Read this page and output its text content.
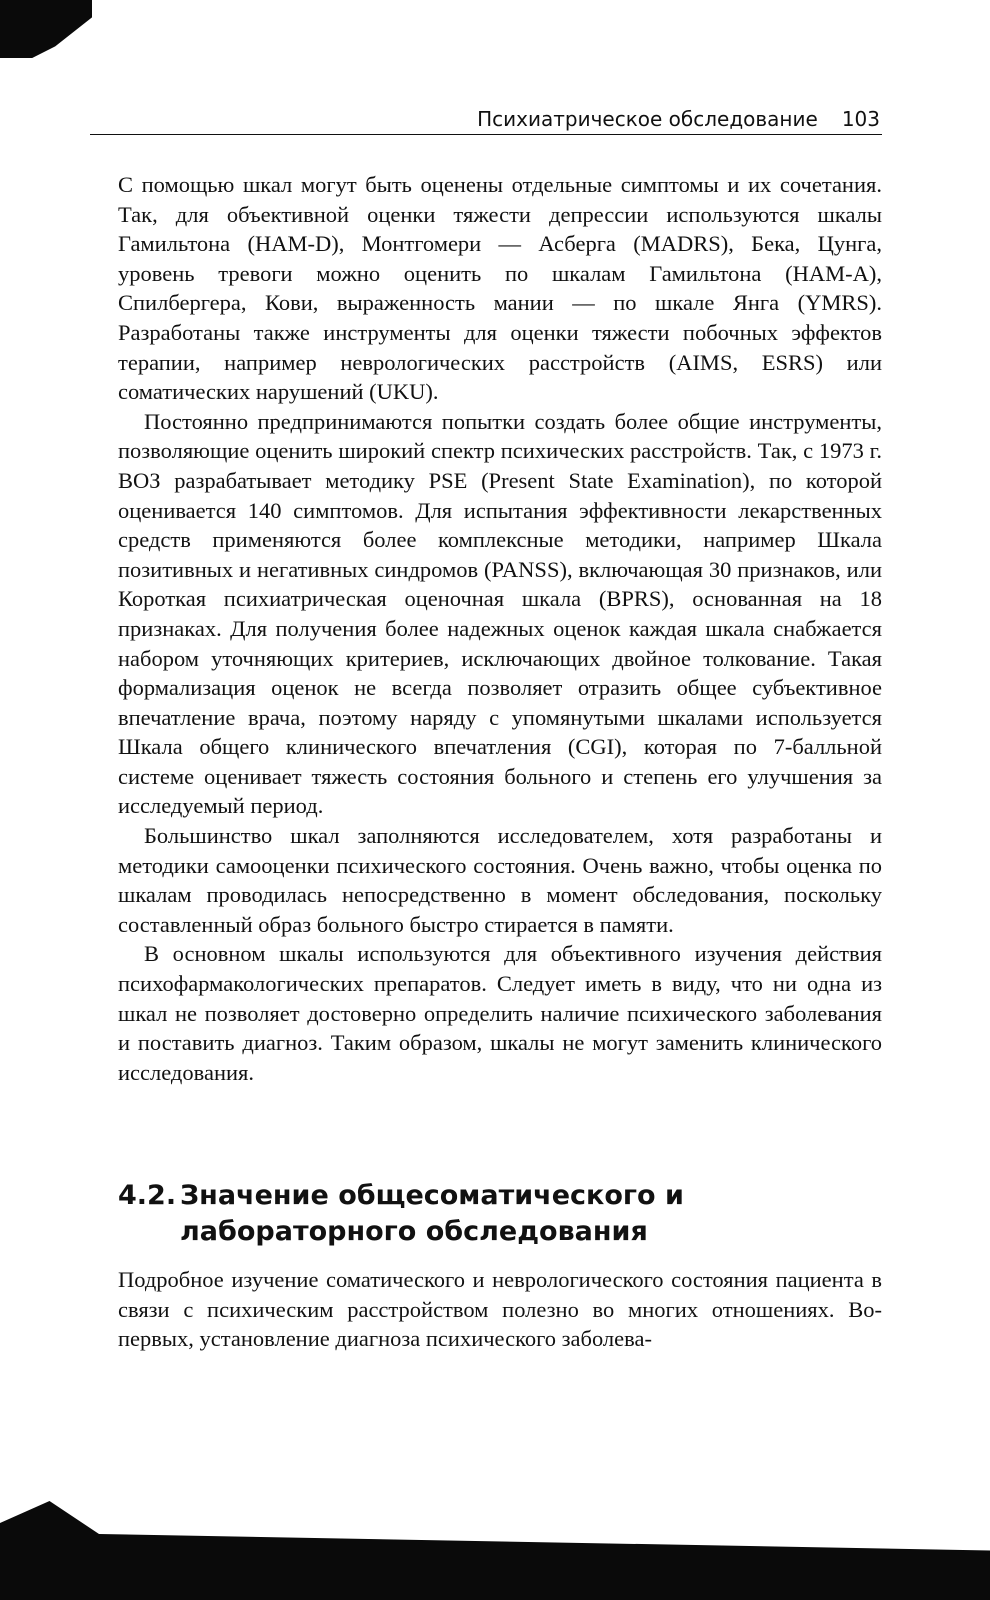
Психиатрическое обследование 103

С помощью шкал могут быть оценены отдельные симптомы и их сочетания. Так, для объективной оценки тяжести депрессии используются шкалы Гамильтона (HAM-D), Монтгомери — Асберга (MADRS), Бека, Цунга, уровень тревоги можно оценить по шкалам Гамильтона (HAM-A), Спилбергера, Кови, выраженность мании — по шкале Янга (YMRS). Разработаны также инструменты для оценки тяжести побочных эффектов терапии, например неврологических расстройств (AIMS, ESRS) или соматических нарушений (UKU).

Постоянно предпринимаются попытки создать более общие инструменты, позволяющие оценить широкий спектр психических расстройств. Так, с 1973 г. ВОЗ разрабатывает методику PSE (Present State Examination), по которой оценивается 140 симптомов. Для испытания эффективности лекарственных средств применяются более комплексные методики, например Шкала позитивных и негативных синдромов (PANSS), включающая 30 признаков, или Короткая психиатрическая оценочная шкала (BPRS), основанная на 18 признаках. Для получения более надежных оценок каждая шкала снабжается набором уточняющих критериев, исключающих двойное толкование. Такая формализация оценок не всегда позволяет отразить общее субъективное впечатление врача, поэтому наряду с упомянутыми шкалами используется Шкала общего клинического впечатления (CGI), которая по 7-балльной системе оценивает тяжесть состояния больного и степень его улучшения за исследуемый период.

Большинство шкал заполняются исследователем, хотя разработаны и методики самооценки психического состояния. Очень важно, чтобы оценка по шкалам проводилась непосредственно в момент обследования, поскольку составленный образ больного быстро стирается в памяти.

В основном шкалы используются для объективного изучения действия психофармакологических препаратов. Следует иметь в виду, что ни одна из шкал не позволяет достоверно определить наличие психического заболевания и поставить диагноз. Таким образом, шкалы не могут заменить клинического исследования.

4.2. Значение общесоматического и лабораторного обследования

Подробное изучение соматического и неврологического состояния пациента в связи с психическим расстройством полезно во многих отношениях. Во-первых, установление диагноза психического заболева-
